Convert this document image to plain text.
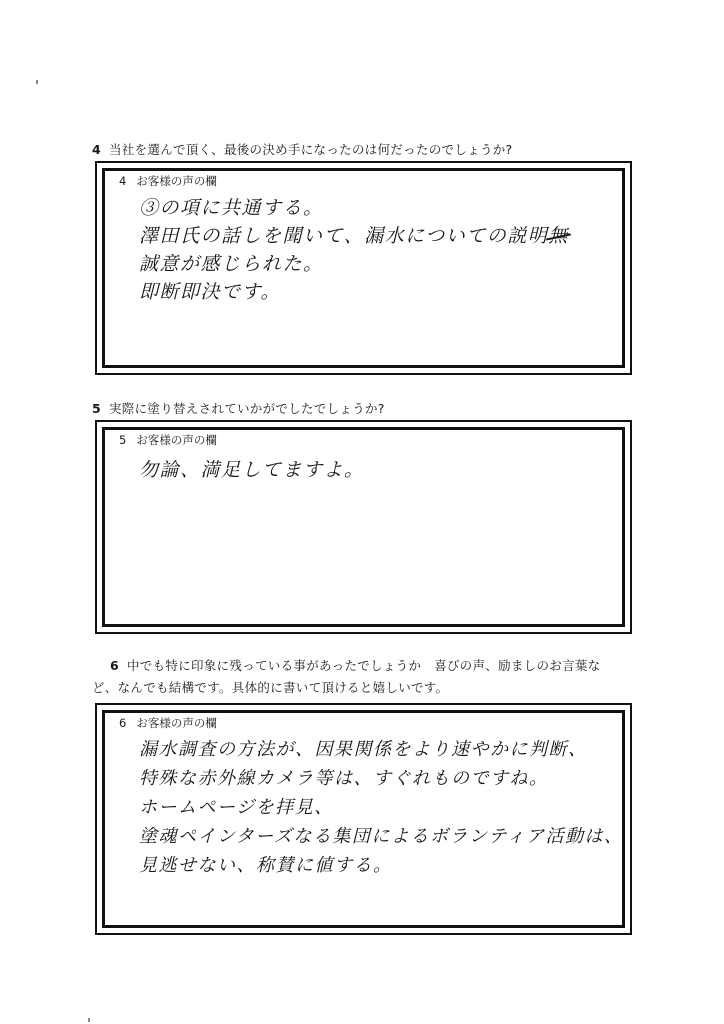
4 当社を選んで頂く、最後の決め手になったのは何だったのでしょうか?
4 お客様の声の欄
③の項に共通する。
澤田氏の話しを聞いて、漏水についての説明無
誠意が感じられた。
即断即決です。
5 実際に塗り替えされていかがでしたでしょうか?
5 お客様の声の欄
勿論、満足してますよ。
6 中でも特に印象に残っている事があったでしょうか　喜びの声、励ましのお言葉な
ど、なんでも結構です。具体的に書いて頂けると嬉しいです。
6 お客様の声の欄
漏水調査の方法が、因果関係をより速やかに判断、
特殊な赤外線カメラ等は、すぐれものですね。
ホームページを拝見、
塗魂ペインターズなる集団によるボランティア活動は、
見逃せない、称賛に値する。
